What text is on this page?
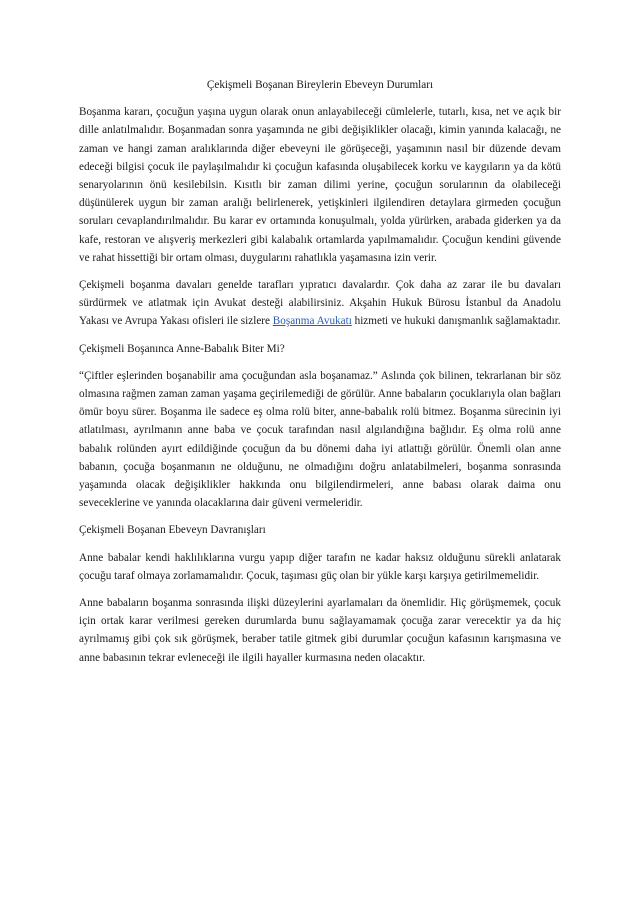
Çekişmeli Boşanan Bireylerin Ebeveyn Durumları

Boşanma kararı, çocuğun yaşına uygun olarak onun anlayabileceği cümlelerle, tutarlı, kısa, net ve açık bir dille anlatılmalıdır. Boşanmadan sonra yaşamında ne gibi değişiklikler olacağı, kimin yanında kalacağı, ne zaman ve hangi zaman aralıklarında diğer ebeveyni ile görüşeceği, yaşamının nasıl bir düzende devam edeceği bilgisi çocuk ile paylaşılmalıdır ki çocuğun kafasında oluşabilecek korku ve kaygıların ya da kötü senaryolarının önü kesilebilsin. Kısıtlı bir zaman dilimi yerine, çocuğun sorularının da olabileceği düşünülerek uygun bir zaman aralığı belirlenerek, yetişkinleri ilgilendiren detaylara girmeden çocuğun soruları cevaplandırılmalıdır. Bu karar ev ortamında konuşulmalı, yolda yürürken, arabada giderken ya da kafe, restoran ve alışveriş merkezleri gibi kalabalık ortamlarda yapılmamalıdır. Çocuğun kendini güvende ve rahat hissettiği bir ortam olması, duygularını rahatlıkla yaşamasına izin verir.

Çekişmeli boşanma davaları genelde tarafları yıpratıcı davalardır. Çok daha az zarar ile bu davaları sürdürmek ve atlatmak için Avukat desteği alabilirsiniz. Akşahin Hukuk Bürosu İstanbul da Anadolu Yakası ve Avrupa Yakası ofisleri ile sizlere Boşanma Avukatı hizmeti ve hukuki danışmanlık sağlamaktadır.

Çekişmeli Boşanınca Anne-Babalık Biter Mi?

“Çiftler eşlerinden boşanabilir ama çocuğundan asla boşanamaz.” Aslında çok bilinen, tekrarlanan bir söz olmasına rağmen zaman zaman yaşama geçirilemediği de görülür. Anne babaların çocuklarıyla olan bağları ömür boyu sürer. Boşanma ile sadece eş olma rolü biter, anne-babalık rolü bitmez. Boşanma sürecinin iyi atlatılması, ayrılmanın anne baba ve çocuk tarafından nasıl algılandığına bağlıdır. Eş olma rolü anne babalık rolünden ayırt edildiğinde çocuğun da bu dönemi daha iyi atlattığı görülür. Önemli olan anne babanın, çocuğa boşanmanın ne olduğunu, ne olmadığını doğru anlatabilmeleri, boşanma sonrasında yaşamında olacak değişiklikler hakkında onu bilgilendirmeleri, anne babası olarak daima onu seveceklerine ve yanında olacaklarına dair güveni vermeleridir.

Çekişmeli Boşanan Ebeveyn Davranışları

Anne babalar kendi haklılıklarına vurgu yapıp diğer tarafın ne kadar haksız olduğunu sürekli anlatarak çocuğu taraf olmaya zorlamamalıdır. Çocuk, taşıması güç olan bir yükle karşı karşıya getirilmemelidir.

Anne babaların boşanma sonrasında ilişki düzeylerini ayarlamaları da önemlidir. Hiç görüşmemek, çocuk için ortak karar verilmesi gereken durumlarda bunu sağlayamamak çocuğa zarar verecektir ya da hiç ayrılmamış gibi çok sık görüşmek, beraber tatile gitmek gibi durumlar çocuğun kafasının karışmasına ve anne babasının tekrar evleneceği ile ilgili hayaller kurmasına neden olacaktır.
